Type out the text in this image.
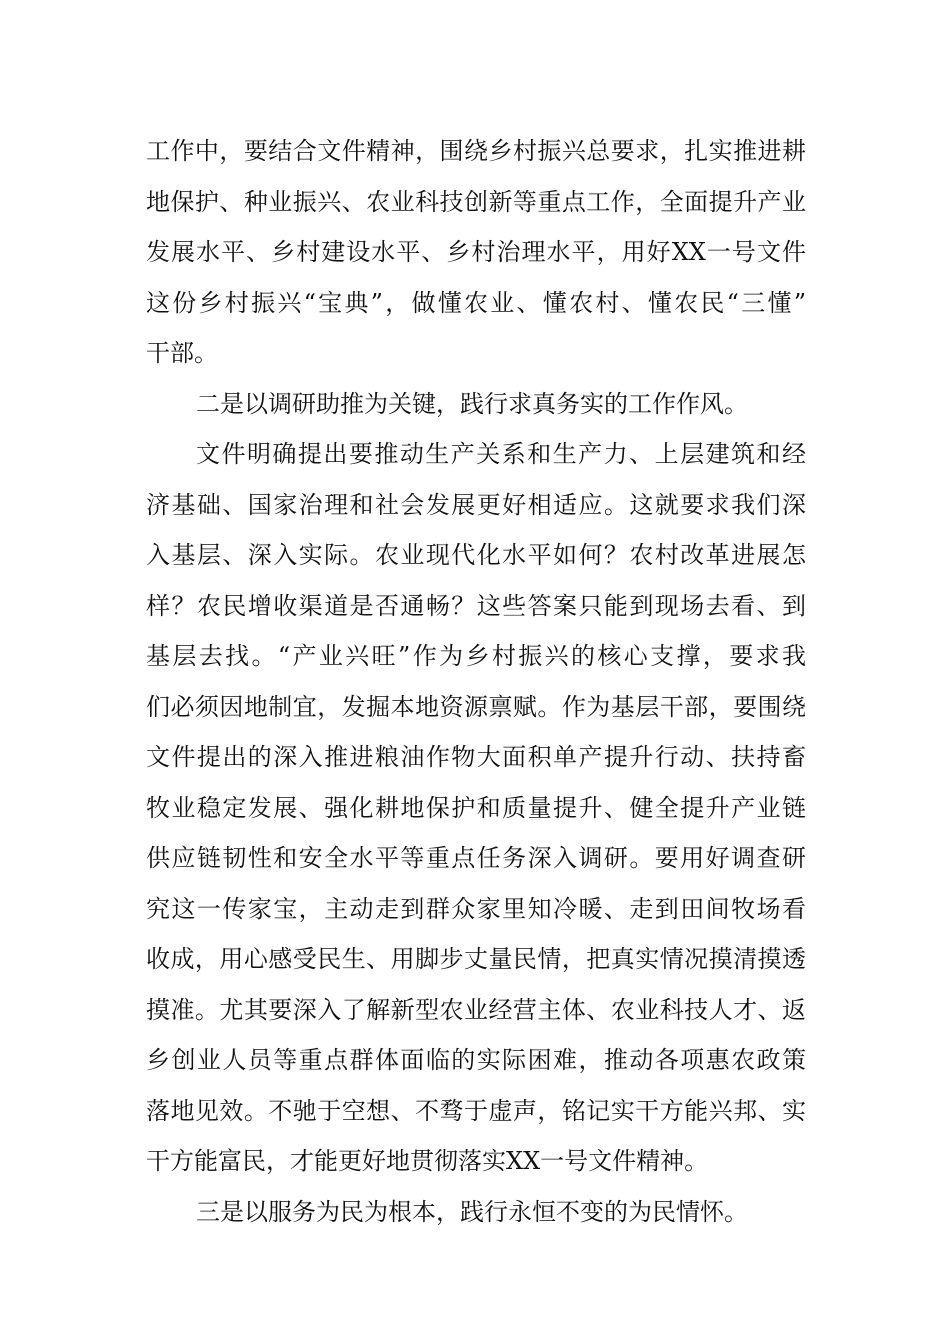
工作中，要结合文件精神，围绕乡村振兴总要求，扎实推进耕
地保护、种业振兴、农业科技创新等重点工作，全面提升产业
发展水平、乡村建设水平、乡村治理水平，用好XX一号文件
这份乡村振兴“宝典”，做懂农业、懂农村、懂农民“三懂”
干部。
二是以调研助推为关键，践行求真务实的工作作风。
文件明确提出要推动生产关系和生产力、上层建筑和经
济基础、国家治理和社会发展更好相适应。这就要求我们深
入基层、深入实际。农业现代化水平如何？农村改革进展怎
样？农民增收渠道是否通畅？这些答案只能到现场去看、到
基层去找。“产业兴旺”作为乡村振兴的核心支撑，要求我
们必须因地制宜，发掘本地资源禀赋。作为基层干部，要围绕
文件提出的深入推进粮油作物大面积单产提升行动、扶持畜
牧业稳定发展、强化耕地保护和质量提升、健全提升产业链
供应链韧性和安全水平等重点任务深入调研。要用好调查研
究这一传家宝，主动走到群众家里知冷暖、走到田间牧场看
收成，用心感受民生、用脚步丈量民情，把真实情况摸清摸透
摸准。尤其要深入了解新型农业经营主体、农业科技人才、返
乡创业人员等重点群体面临的实际困难，推动各项惠农政策
落地见效。不驰于空想、不骛于虚声，铭记实干方能兴邦、实
干方能富民，才能更好地贯彻落实XX一号文件精神。
三是以服务为民为根本，践行永恒不变的为民情怀。
